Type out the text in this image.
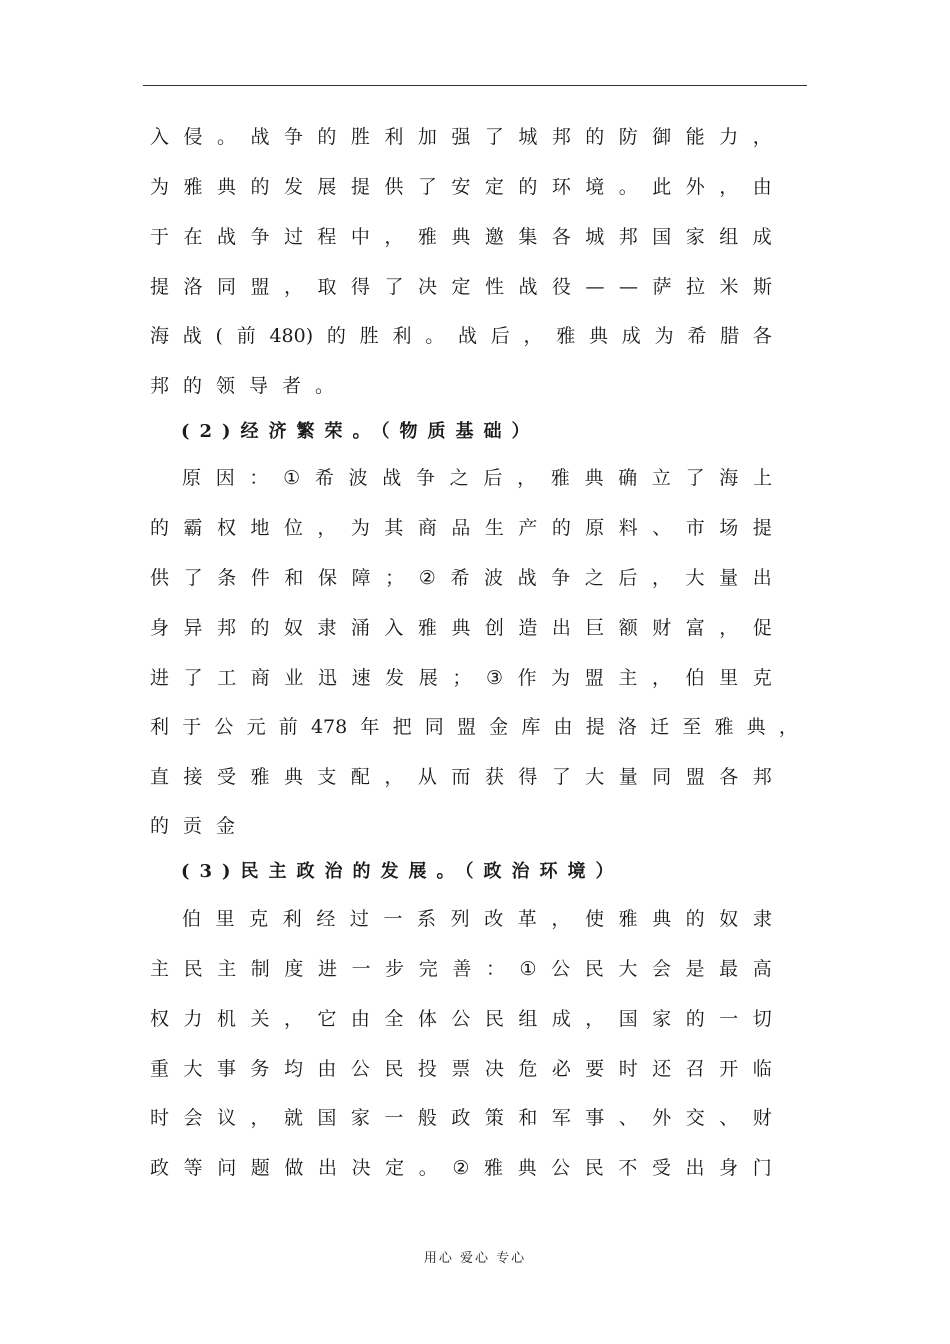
入 侵 。 战 争 的 胜 利 加 强 了 城 邦 的 防 御 能 力 ，
为 雅 典 的 发 展 提 供 了 安 定 的 环 境 。 此 外 ， 由
于 在 战 争 过 程 中 ， 雅 典 邀 集 各 城 邦 国 家 组 成
提 洛 同 盟 ， 取 得 了 决 定 性 战 役 — — 萨 拉 米 斯
海 战 ( 前 480) 的 胜 利 。 战 后 ， 雅 典 成 为 希 腊 各
邦的领导者。
(2)经济繁荣。（物质基础）
原 因 ： ① 希 波 战 争 之 后 ， 雅 典 确 立 了 海 上
的 霸 权 地 位 ， 为 其 商 品 生 产 的 原 料 、 市 场 提
供 了 条 件 和 保 障 ； ② 希 波 战 争 之 后 ， 大 量 出
身 异 邦 的 奴 隶 涌 入 雅 典 创 造 出 巨 额 财 富 ， 促
进 了 工 商 业 迅 速 发 展 ； ③ 作 为 盟 主 ， 伯 里 克
利 于 公 元 前 478 年 把 同 盟 金 库 由 提 洛 迁 至 雅 典 ，
直 接 受 雅 典 支 配 ， 从 而 获 得 了 大 量 同 盟 各 邦
的贡金
(3)民主政治的发展。（政治环境）
伯 里 克 利 经 过 一 系 列 改 革 ， 使 雅 典 的 奴 隶
主 民 主 制 度 进 一 步 完 善 ： ① 公 民 大 会 是 最 高
权 力 机 关 ， 它 由 全 体 公 民 组 成 ， 国 家 的 一 切
重 大 事 务 均 由 公 民 投 票 决 危 必 要 时 还 召 开 临
时 会 议 ， 就 国 家 一 般 政 策 和 军 事 、 外 交 、 财
政 等 问 题 做 出 决 定 。 ② 雅 典 公 民 不 受 出 身 门
用心 爱心 专心
